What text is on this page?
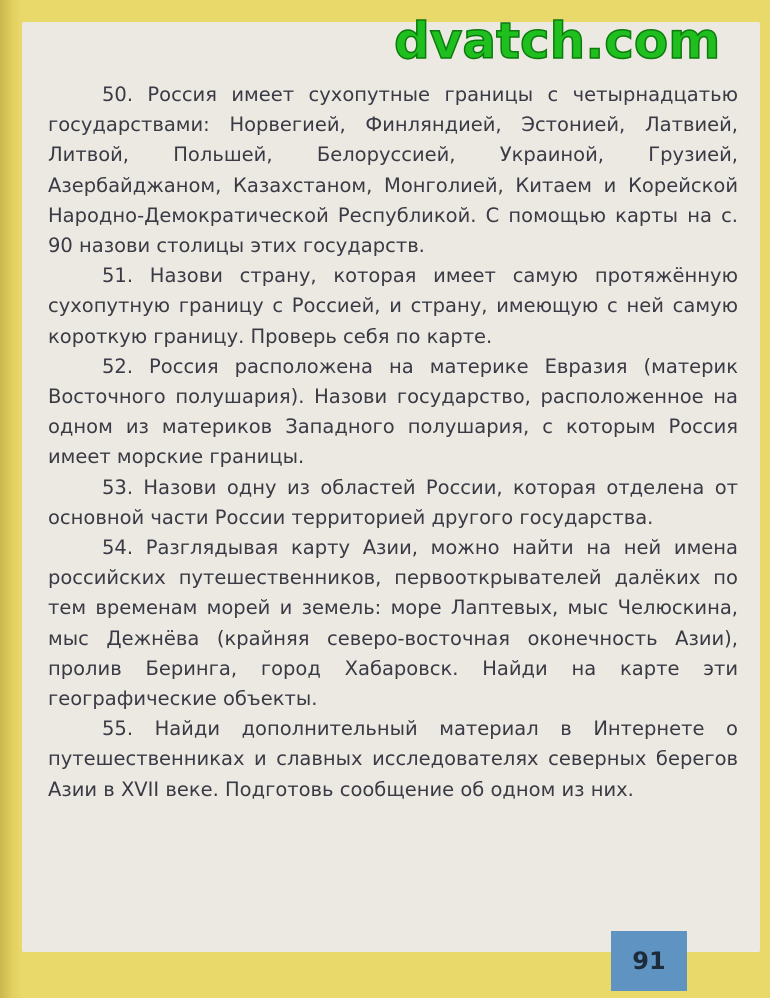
50. Россия имеет сухопутные границы с четырнадцатью государствами: Норвегией, Финляндией, Эстонией, Латвией, Литвой, Польшей, Белоруссией, Украиной, Грузией, Азербайджаном, Казахстаном, Монголией, Китаем и Корейской Народно-Демократической Республикой. С помощью карты на с. 90 назови столицы этих государств.

51. Назови страну, которая имеет самую протяжённую сухопутную границу с Россией, и страну, имеющую с ней самую короткую границу. Проверь себя по карте.

52. Россия расположена на материке Евразия (материк Восточного полушария). Назови государство, расположенное на одном из материков Западного полушария, с которым Россия имеет морские границы.

53. Назови одну из областей России, которая отделена от основной части России территорией другого государства.

54. Разглядывая карту Азии, можно найти на ней имена российских путешественников, первооткрывателей далёких по тем временам морей и земель: море Лаптевых, мыс Челюскина, мыс Дежнёва (крайняя северо-восточная оконечность Азии), пролив Беринга, город Хабаровск. Найди на карте эти географические объекты.

55. Найди дополнительный материал в Интернете о путешественниках и славных исследователях северных берегов Азии в XVII веке. Подготовь сообщение об одном из них.

dvatch.com
91
